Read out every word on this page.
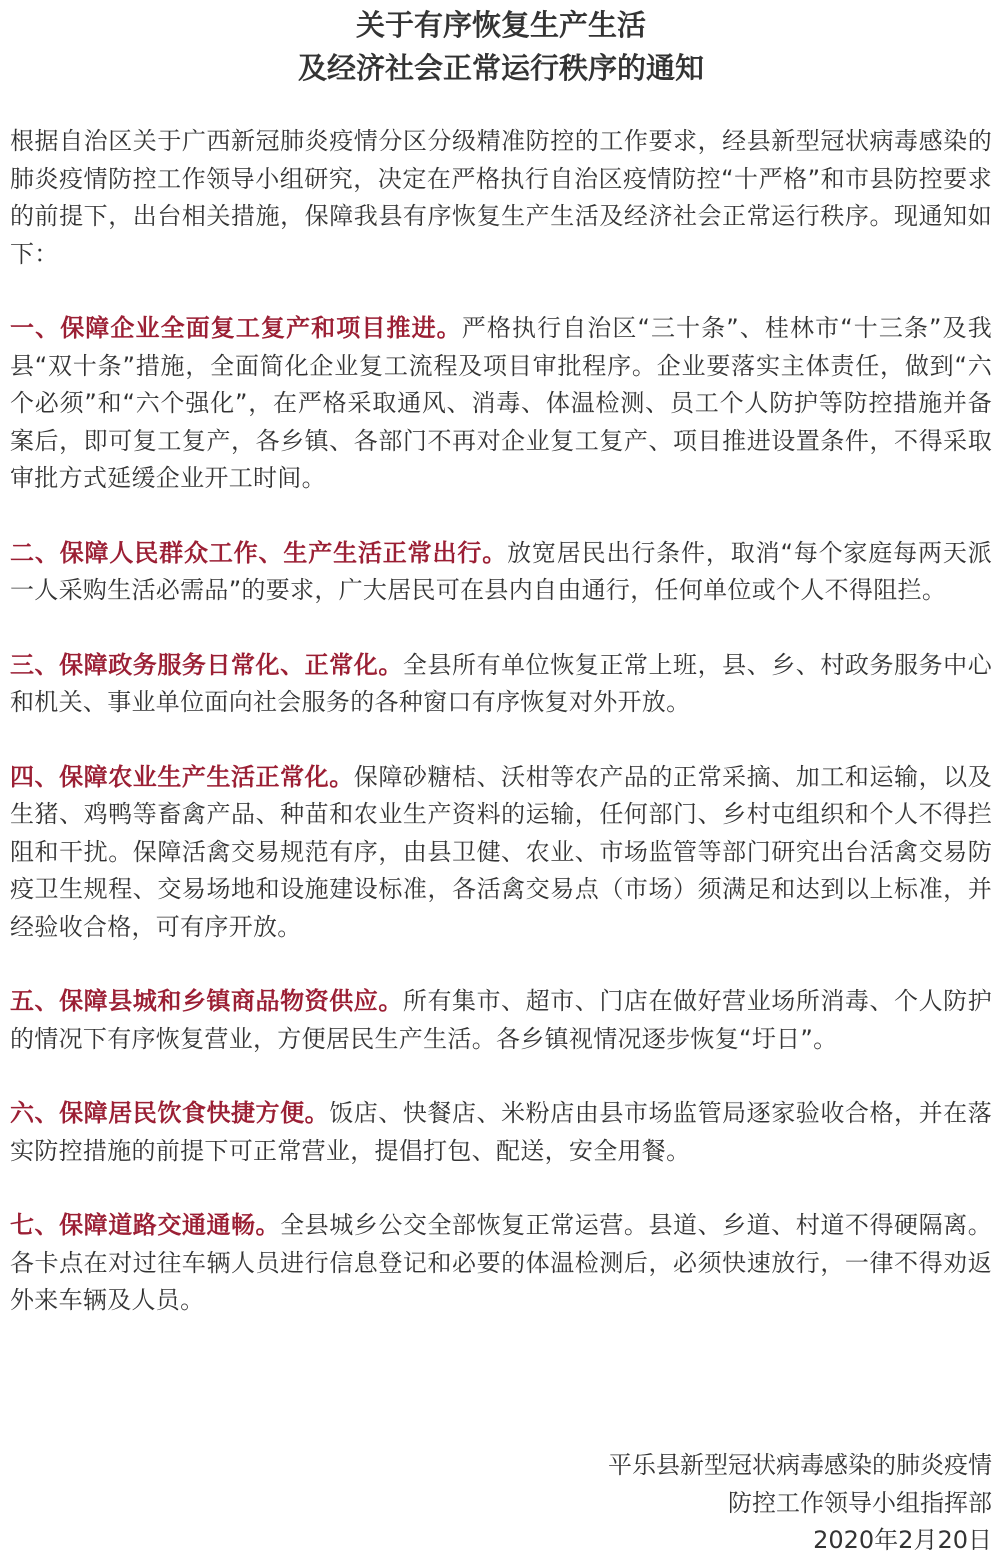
关于有序恢复生产生活
及经济社会正常运行秩序的通知

根据自治区关于广西新冠肺炎疫情分区分级精准防控的工作要求，经县新型冠状病毒感染的肺炎疫情防控工作领导小组研究，决定在严格执行自治区疫情防控“十严格”和市县防控要求的前提下，出台相关措施，保障我县有序恢复生产生活及经济社会正常运行秩序。现通知如下：

一、保障企业全面复工复产和项目推进。严格执行自治区“三十条”、桂林市“十三条”及我县“双十条”措施，全面简化企业复工流程及项目审批程序。企业要落实主体责任，做到“六个必须”和“六个强化”，在严格采取通风、消毒、体温检测、员工个人防护等防控措施并备案后，即可复工复产，各乡镇、各部门不再对企业复工复产、项目推进设置条件，不得采取审批方式延缓企业开工时间。

二、保障人民群众工作、生产生活正常出行。放宽居民出行条件，取消“每个家庭每两天派一人采购生活必需品”的要求，广大居民可在县内自由通行，任何单位或个人不得阻拦。

三、保障政务服务日常化、正常化。全县所有单位恢复正常上班，县、乡、村政务服务中心和机关、事业单位面向社会服务的各种窗口有序恢复对外开放。

四、保障农业生产生活正常化。保障砂糖桔、沃柑等农产品的正常采摘、加工和运输，以及生猪、鸡鸭等畜禽产品、种苗和农业生产资料的运输，任何部门、乡村屯组织和个人不得拦阻和干扰。保障活禽交易规范有序，由县卫健、农业、市场监管等部门研究出台活禽交易防疫卫生规程、交易场地和设施建设标准，各活禽交易点（市场）须满足和达到以上标准，并经验收合格，可有序开放。

五、保障县城和乡镇商品物资供应。所有集市、超市、门店在做好营业场所消毒、个人防护的情况下有序恢复营业，方便居民生产生活。各乡镇视情况逐步恢复“圩日”。

六、保障居民饮食快捷方便。饭店、快餐店、米粉店由县市场监管局逐家验收合格，并在落实防控措施的前提下可正常营业，提倡打包、配送，安全用餐。

七、保障道路交通通畅。全县城乡公交全部恢复正常运营。县道、乡道、村道不得硬隔离。各卡点在对过往车辆人员进行信息登记和必要的体温检测后，必须快速放行，一律不得劝返外来车辆及人员。

平乐县新型冠状病毒感染的肺炎疫情
防控工作领导小组指挥部
2020年2月20日
